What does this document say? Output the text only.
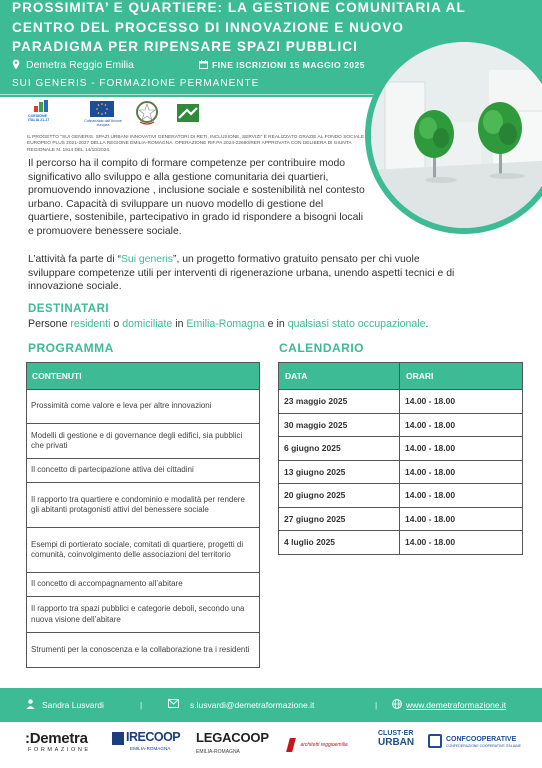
PROSSIMITA’ E QUARTIERE: LA GESTIONE COMUNITARIA AL
CENTRO DEL PROCESSO DI INNOVAZIONE E NUOVO
PARADIGMA PER RIPENSARE SPAZI PUBBLICI
Demetra Reggio Emilia	FINE ISCRIZIONI 15 MAGGIO 2025
SUI GENERIS - FORMAZIONE PERMANENTE
COESIONE ITALIA 21-27	Cofinanziato dall'Unione europea
IL PROGETTO "SUI GENERIS. SPAZI URBANI INNOVATIVI GENERATORI DI RETI, INCLUSIONE, SERVIZI" È REALIZZATO GRAZIE AL FONDO SOCIALE EUROPEO PLUS 2021-2027 DELLA REGIONE EMILIA-ROMAGNA. OPERAZIONE RIF.PA 2024-22690/RER APPROVATA CON DELIBERA DI GIUNTA REGIONALE N. 1914 DEL 14/10/2024.

Il percorso ha il compito di formare competenze per contribuire modo significativo allo sviluppo e alla gestione comunitaria dei quartieri, promuovendo innovazione , inclusione sociale e sostenibilità nel contesto urbano. Capacità di sviluppare un nuovo modello di gestione del quartiere, sostenibile, partecipativo in grado id rispondere a bisogni locali e promuovere benessere sociale.

L’attività fa parte di “Sui generis”, un progetto formativo gratuito pensato per chi vuole sviluppare competenze utili per interventi di rigenerazione urbana, unendo aspetti tecnici e di innovazione sociale.

DESTINATARI

Persone residenti o domiciliate in Emilia-Romagna e in qualsiasi stato occupazionale.

PROGRAMMA
CONTENUTI
Prossimità come valore e leva per altre innovazioni
Modelli di gestione e di governance degli edifici, sia pubblici che privati
Il concetto di partecipazione attiva dei cittadini
Il rapporto tra quartiere e condominio e modalità per rendere gli abitanti protagonisti attivi del benessere sociale
Esempi di portierato sociale, comitati di quartiere, progetti di comunità, coinvolgimento delle associazioni del territorio
Il concetto di accompagnamento all’abitare
Il rapporto tra spazi pubblici e categorie deboli, secondo una nuova visione dell’abitare
Strumenti per la conoscenza e la collaborazione tra i residenti
CALENDARIO
DATA	ORARI
23 maggio 2025	14.00 - 18.00
30 maggio 2025	14.00 - 18.00
6 giugno 2025	14.00 - 18.00
13 giugno 2025	14.00 - 18.00
20 giugno 2025	14.00 - 18.00
27 giugno 2025	14.00 - 18.00
4 luglio 2025	14.00 - 18.00
Sandra Lusvardi	|	s.lusvardi@demetraformazione.it	|	www.demetraformazione.it
:Demetra
FORMAZIONE
IRECOOP
EMILIA-ROMAGNA
LEGACOOP
EMILIA-ROMAGNA
architetti reggioemilia
CLUST·ER
URBAN	CONFCOOPERATIVE
CONFEDERAZIONE COOPERATIVE ITALIANE
